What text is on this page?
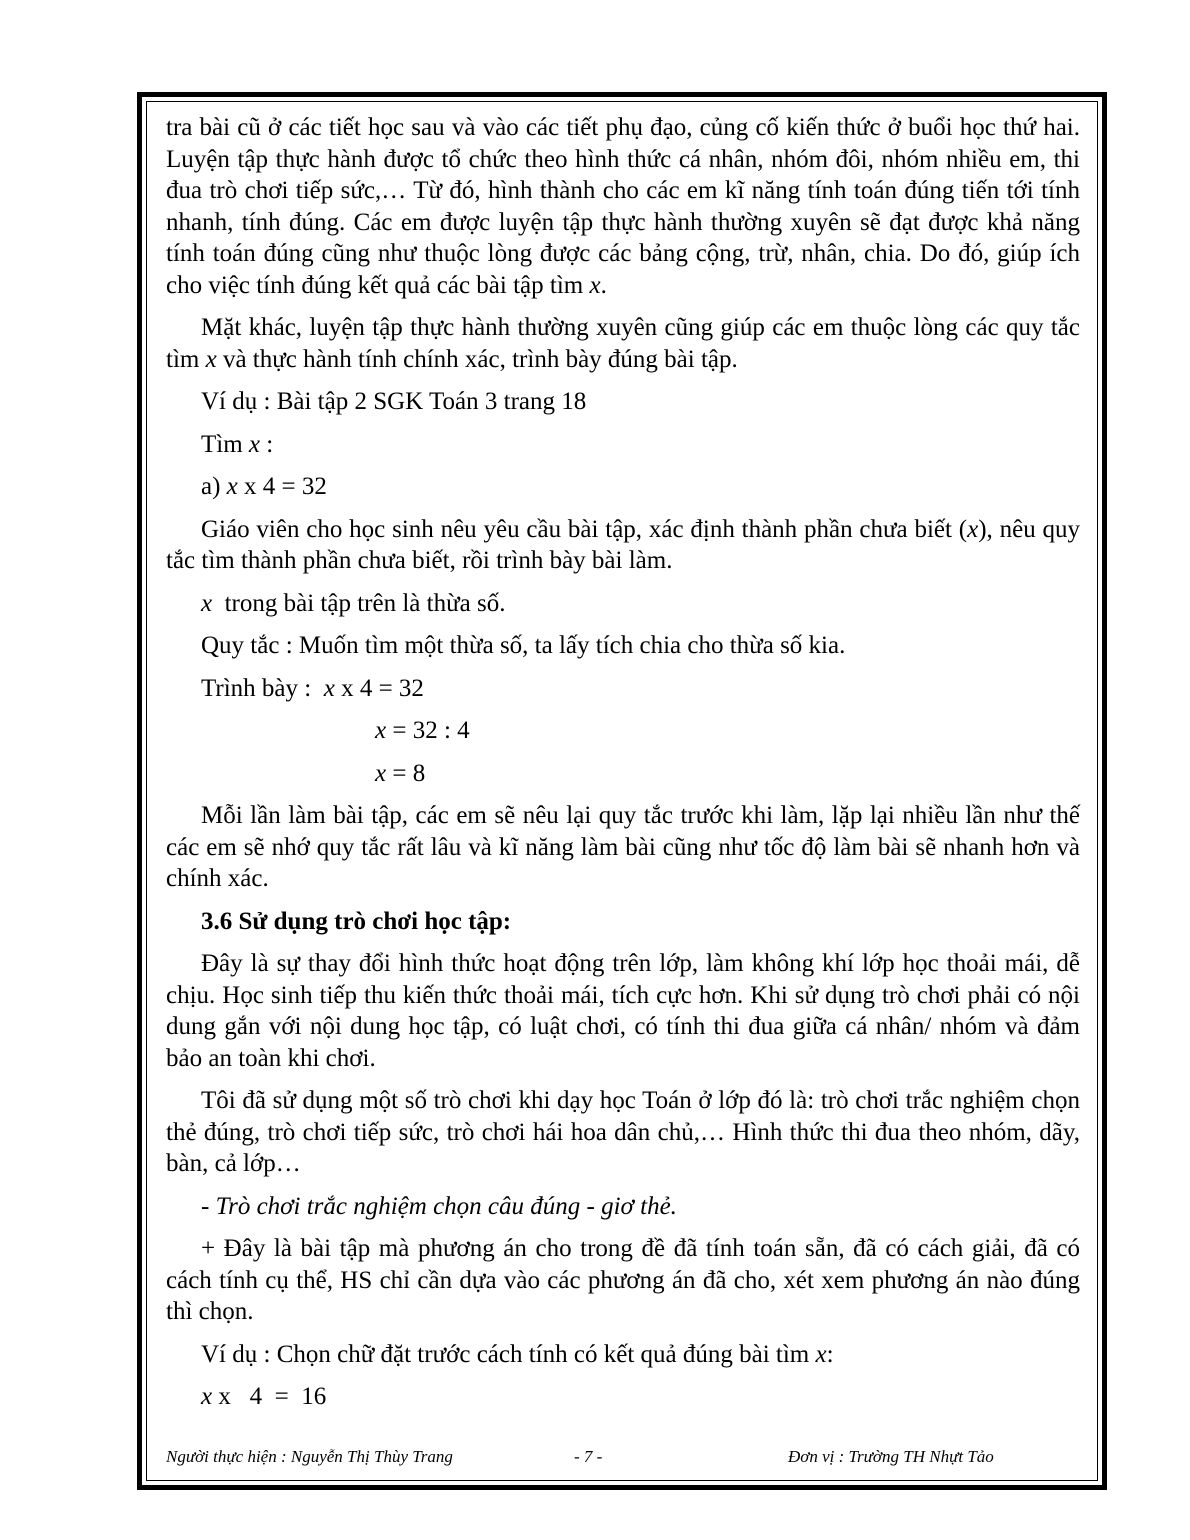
tra bài cũ ở các tiết học sau và vào các tiết phụ đạo, củng cố kiến thức ở buổi học thứ hai. Luyện tập thực hành được tổ chức theo hình thức cá nhân, nhóm đôi, nhóm nhiều em, thi đua trò chơi tiếp sức,… Từ đó, hình thành cho các em kĩ năng tính toán đúng tiến tới tính nhanh, tính đúng. Các em được luyện tập thực hành thường xuyên sẽ đạt được khả năng tính toán đúng cũng như thuộc lòng được các bảng cộng, trừ, nhân, chia. Do đó, giúp ích cho việc tính đúng kết quả các bài tập tìm x.

Mặt khác, luyện tập thực hành thường xuyên cũng giúp các em thuộc lòng các quy tắc tìm x và thực hành tính chính xác, trình bày đúng bài tập.

Ví dụ : Bài tập 2 SGK Toán 3 trang 18

Tìm x :

a) x x 4 = 32

Giáo viên cho học sinh nêu yêu cầu bài tập, xác định thành phần chưa biết (x), nêu quy tắc tìm thành phần chưa biết, rồi trình bày bài làm.

x trong bài tập trên là thừa số.

Quy tắc : Muốn tìm một thừa số, ta lấy tích chia cho thừa số kia.

Trình bày : x x 4 = 32
x = 32 : 4
x = 8

Mỗi lần làm bài tập, các em sẽ nêu lại quy tắc trước khi làm, lặp lại nhiều lần như thế các em sẽ nhớ quy tắc rất lâu và kĩ năng làm bài cũng như tốc độ làm bài sẽ nhanh hơn và chính xác.

3.6 Sử dụng trò chơi học tập:

Đây là sự thay đổi hình thức hoạt động trên lớp, làm không khí lớp học thoải mái, dễ chịu. Học sinh tiếp thu kiến thức thoải mái, tích cực hơn. Khi sử dụng trò chơi phải có nội dung gắn với nội dung học tập, có luật chơi, có tính thi đua giữa cá nhân/ nhóm và đảm bảo an toàn khi chơi.

Tôi đã sử dụng một số trò chơi khi dạy học Toán ở lớp đó là: trò chơi trắc nghiệm chọn thẻ đúng, trò chơi tiếp sức, trò chơi hái hoa dân chủ,… Hình thức thi đua theo nhóm, dãy, bàn, cả lớp…

- Trò chơi trắc nghiệm chọn câu đúng - giơ thẻ.

+ Đây là bài tập mà phương án cho trong đề đã tính toán sẵn, đã có cách giải, đã có cách tính cụ thể, HS chỉ cần dựa vào các phương án đã cho, xét xem phương án nào đúng thì chọn.

Ví dụ : Chọn chữ đặt trước cách tính có kết quả đúng bài tìm x:

x x   4  =  16
Người thực hiện : Nguyễn Thị Thùy Trang	- 7 -	Đơn vị : Trường TH Nhựt Tảo
